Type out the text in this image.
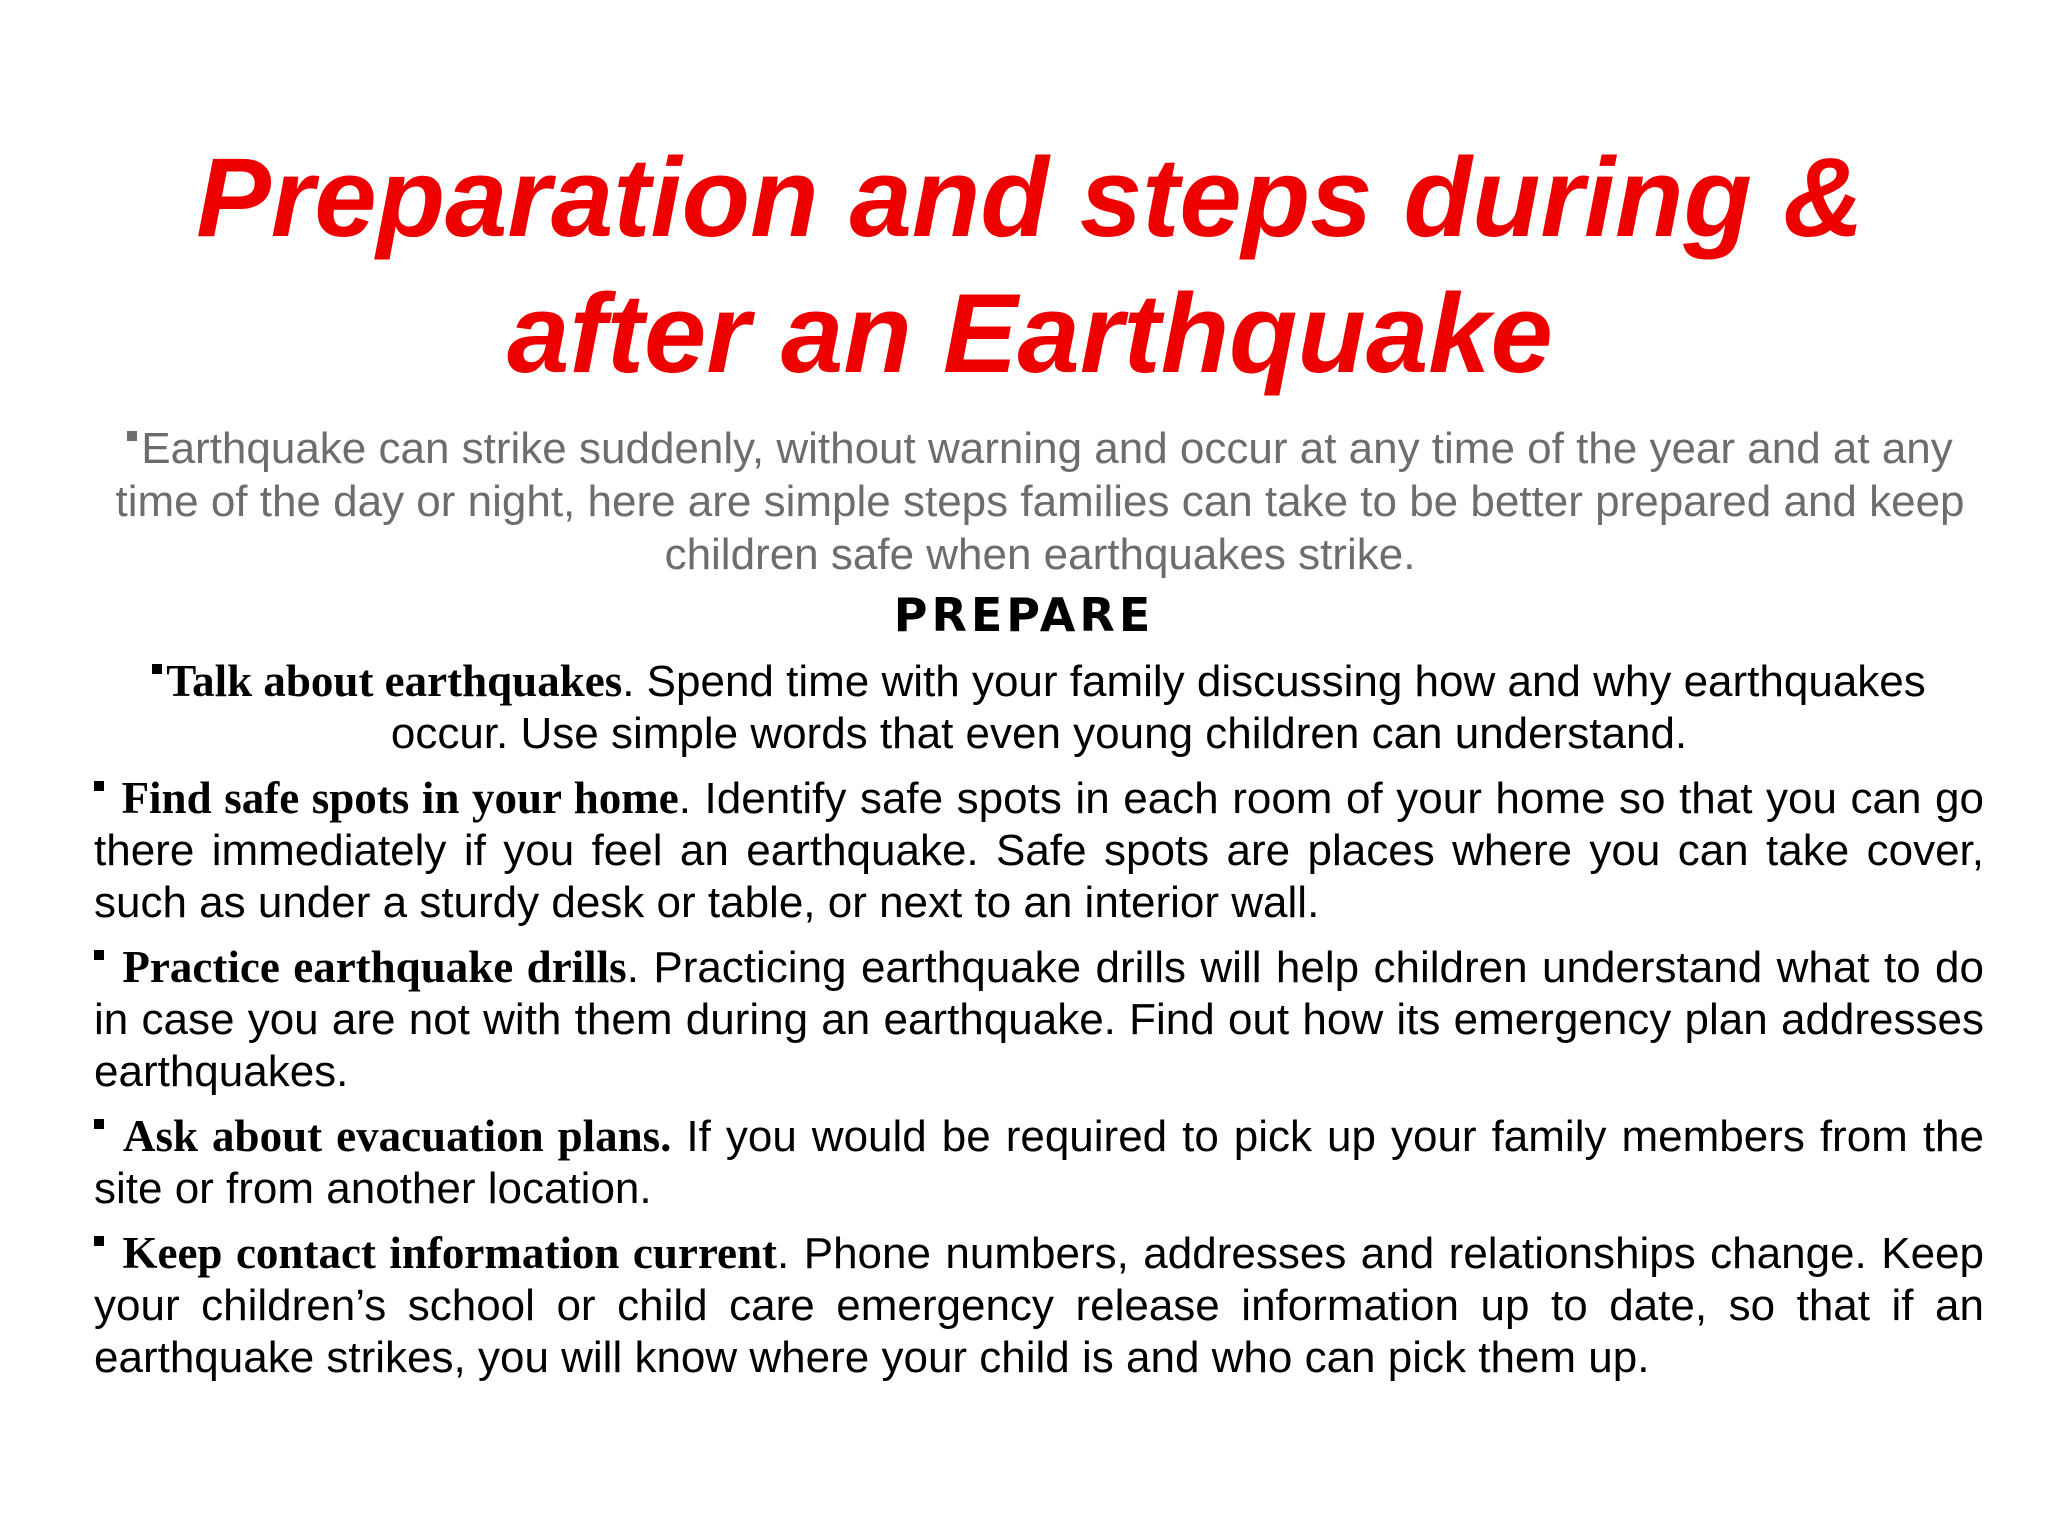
Preparation and steps during & after an Earthquake
Earthquake can strike suddenly, without warning and occur at any time of the year and at any time of the day or night, here are simple steps families can take to be better prepared and keep children safe when earthquakes strike.
PREPARE

Talk about earthquakes. Spend time with your family discussing how and why earthquakes occur. Use simple words that even young children can understand.

Find safe spots in your home. Identify safe spots in each room of your home so that you can go there immediately if you feel an earthquake. Safe spots are places where you can take cover, such as under a sturdy desk or table, or next to an interior wall.

Practice earthquake drills. Practicing earthquake drills will help children understand what to do in case you are not with them during an earthquake. Find out how its emergency plan addresses earthquakes.

Ask about evacuation plans. If you would be required to pick up your family members from the site or from another location.

Keep contact information current. Phone numbers, addresses and relationships change. Keep your children’s school or child care emergency release information up to date, so that if an earthquake strikes, you will know where your child is and who can pick them up.
